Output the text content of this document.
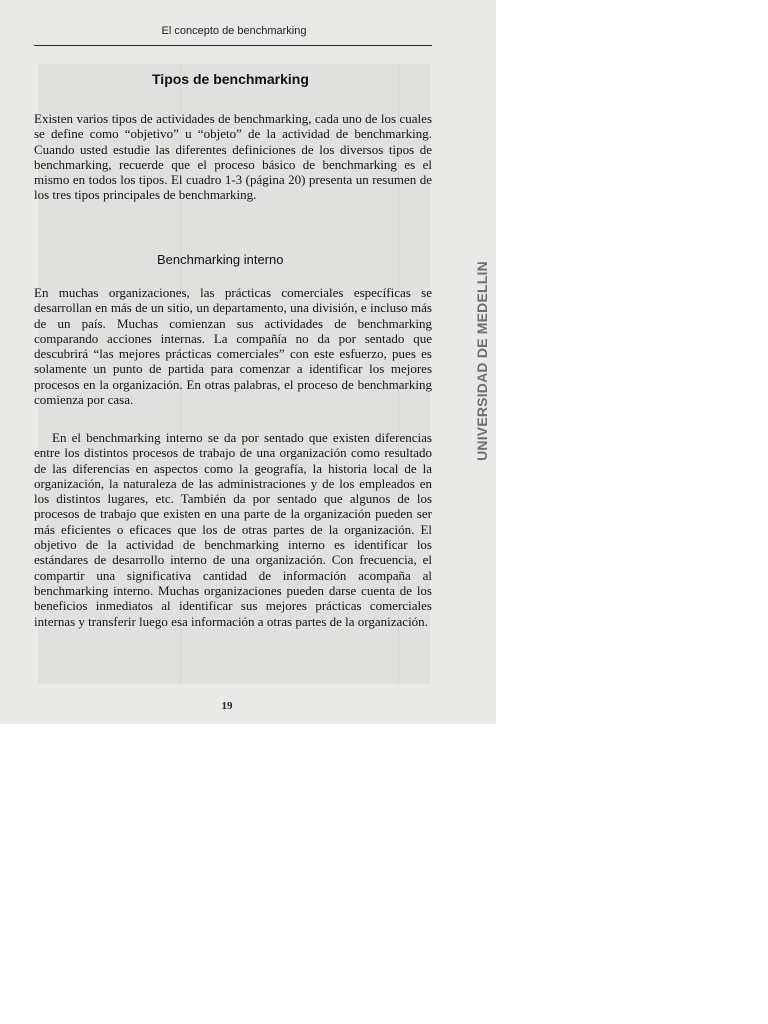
El concepto de benchmarking
Tipos de benchmarking

Existen varios tipos de actividades de benchmarking, cada uno de los cuales se define como “objetivo” u “objeto” de la actividad de benchmarking. Cuando usted estudie las diferentes definiciones de los diversos tipos de benchmarking, recuerde que el proceso básico de benchmarking es el mismo en todos los tipos. El cuadro 1-3 (página 20) presenta un resumen de los tres tipos principales de benchmarking.

Benchmarking interno

En muchas organizaciones, las prácticas comerciales específicas se desarrollan en más de un sitio, un departamento, una división, e incluso más de un país. Muchas comienzan sus actividades de benchmarking comparando acciones internas. La compañía no da por sentado que descubrirá “las mejores prácticas comerciales” con este esfuerzo, pues es solamente un punto de partida para comenzar a identificar los mejores procesos en la organización. En otras palabras, el proceso de benchmarking comienza por casa.

En el benchmarking interno se da por sentado que existen diferencias entre los distintos procesos de trabajo de una organización como resultado de las diferencias en aspectos como la geografía, la historia local de la organización, la naturaleza de las administraciones y de los empleados en los distintos lugares, etc. También da por sentado que algunos de los procesos de trabajo que existen en una parte de la organización pueden ser más eficientes o eficaces que los de otras partes de la organización. El objetivo de la actividad de benchmarking interno es identificar los estándares de desarrollo interno de una organización. Con frecuencia, el compartir una significativa cantidad de información acompaña al benchmarking interno. Muchas organizaciones pueden darse cuenta de los beneficios inmediatos al identificar sus mejores prácticas comerciales internas y transferir luego esa información a otras partes de la organización.

19
UNIVERSIDAD DE MEDELLIN
